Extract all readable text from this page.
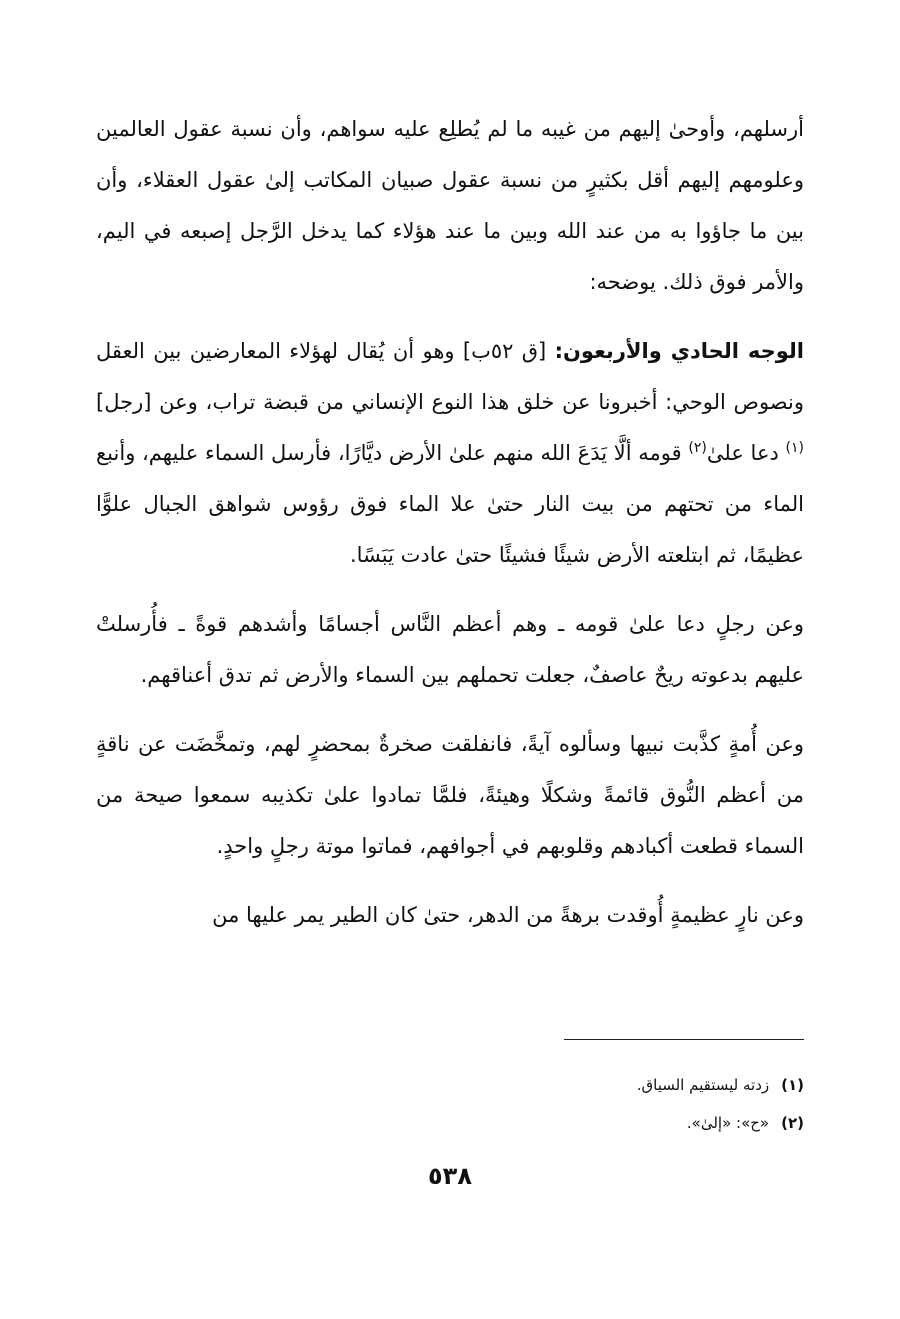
أرسلهم، وأوحىٰ إليهم من غيبه ما لم يُطلِع عليه سواهم، وأن نسبة عقول العالمين وعلومهم إليهم أقل بكثيرٍ من نسبة عقول صبيان المكاتب إلىٰ عقول العقلاء، وأن بين ما جاؤوا به من عند الله وبين ما عند هؤلاء كما يدخل الرَّجل إصبعه في اليم، والأمر فوق ذلك. يوضحه:

الوجه الحادي والأربعون: [ق ٥٢ب] وهو أن يُقال لهؤلاء المعارضين بين العقل ونصوص الوحي: أخبرونا عن خلق هذا النوع الإنساني من قبضة تراب، وعن [رجل]$^{(١)}$ دعا علىٰ$^{(٢)}$ قومه ألَّا يَدَعَ الله منهم علىٰ الأرض ديَّارًا، فأرسل السماء عليهم، وأنبع الماء من تحتهم من بيت النار حتىٰ علا الماء فوق رؤوس شواهق الجبال علوًّا عظيمًا، ثم ابتلعته الأرض شيئًا فشيئًا حتىٰ عادت يَبَسًا.

وعن رجلٍ دعا علىٰ قومه ـ وهم أعظم النَّاس أجسامًا وأشدهم قوةً ـ فأُرسلتْ عليهم بدعوته ريحٌ عاصفٌ، جعلت تحملهم بين السماء والأرض ثم تدق أعناقهم.

وعن أُمةٍ كذَّبت نبيها وسألوه آيةً، فانفلقت صخرةٌ بمحضرٍ لهم، وتمخَّضَت عن ناقةٍ من أعظم النُّوق قائمةً وشكلًا وهيئةً، فلمَّا تمادوا علىٰ تكذيبه سمعوا صيحة من السماء قطعت أكبادهم وقلوبهم في أجوافهم، فماتوا موتة رجلٍ واحدٍ.

وعن نارٍ عظيمةٍ أُوقدت برهةً من الدهر، حتىٰ كان الطير يمر عليها من

(١)زدته ليستقيم السياق.
(٢)«ح»: «إلىٰ».
٥٣٨
